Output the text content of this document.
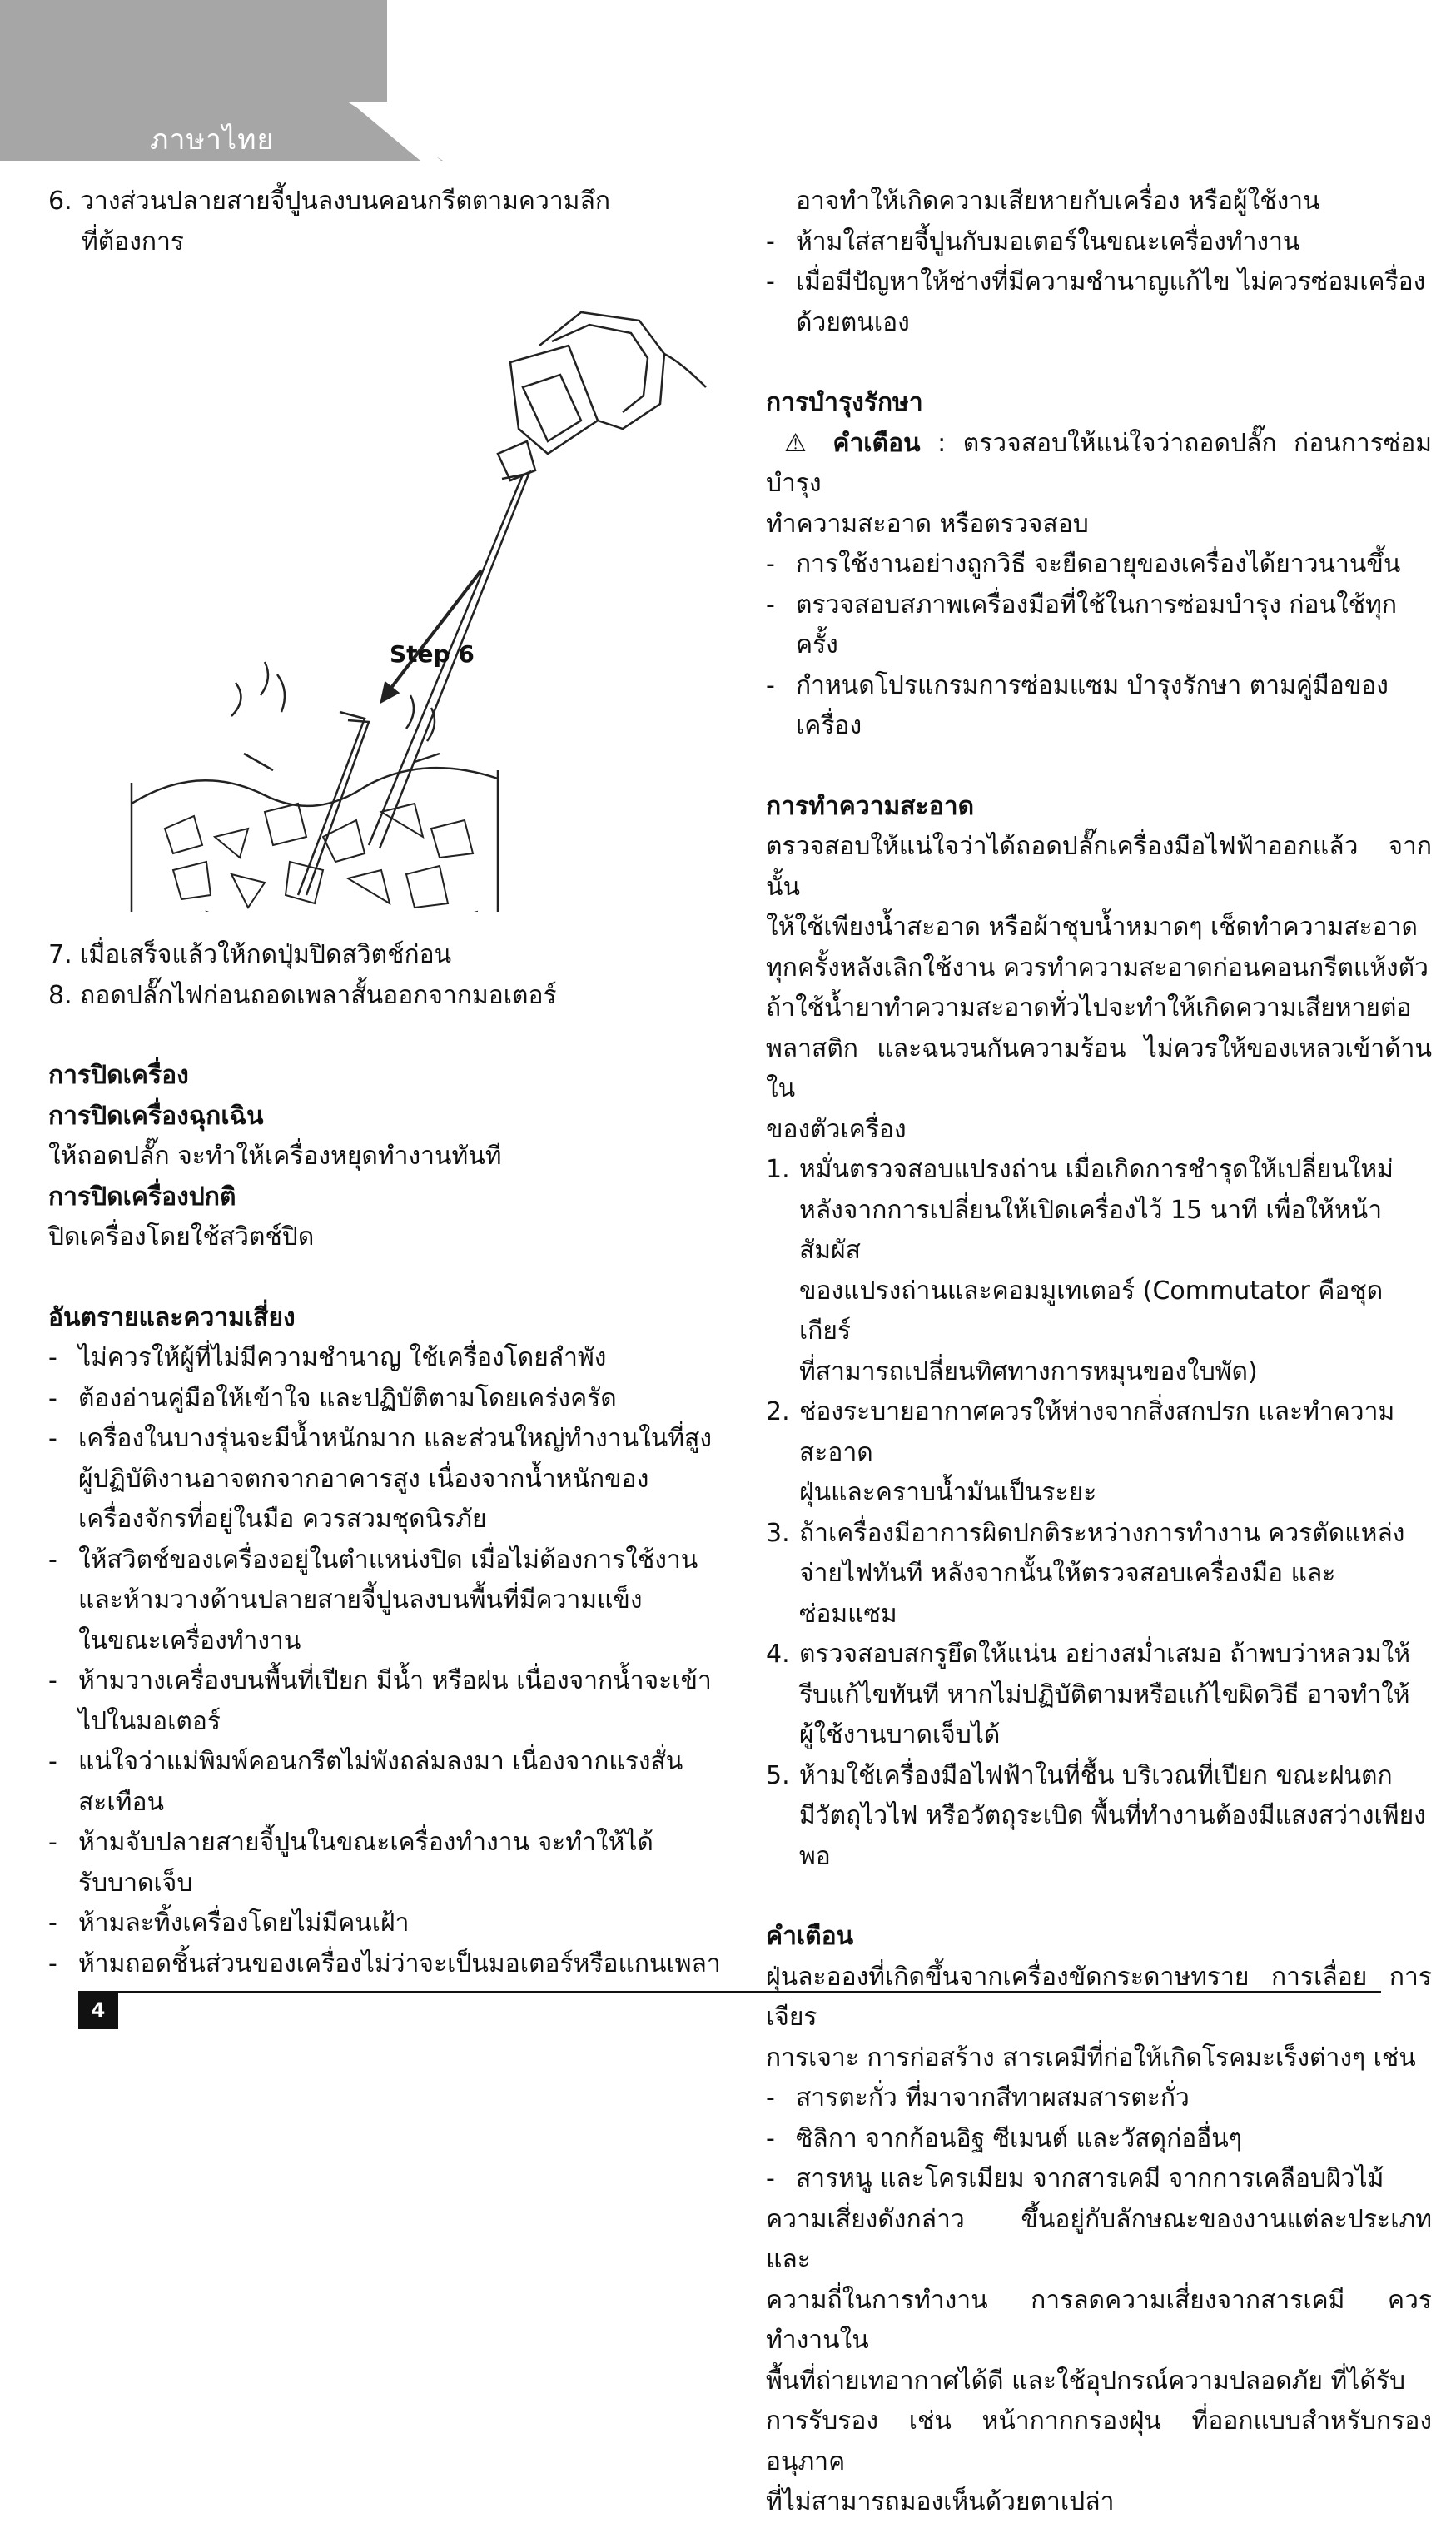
ภาษาไทย

6. วางส่วนปลายสายจี้ปูนลงบนคอนกรีตตามความลึก

ที่ต้องการ

Step 6

7. เมื่อเสร็จแล้วให้กดปุ่มปิดสวิตช์ก่อน

8. ถอดปลั๊กไฟก่อนถอดเพลาสั้นออกจากมอเตอร์

การปิดเครื่อง

การปิดเครื่องฉุกเฉิน

ให้ถอดปลั๊ก จะทำให้เครื่องหยุดทำงานทันที

การปิดเครื่องปกติ

ปิดเครื่องโดยใช้สวิตช์ปิด

อันตรายและความเสี่ยง

- ไม่ควรให้ผู้ที่ไม่มีความชำนาญ ใช้เครื่องโดยลำพัง
- ต้องอ่านคู่มือให้เข้าใจ และปฏิบัติตามโดยเคร่งครัด
- เครื่องในบางรุ่นจะมีน้ำหนักมาก และส่วนใหญ่ทำงานในที่สูง
ผู้ปฏิบัติงานอาจตกจากอาคารสูง เนื่องจากน้ำหนักของ
เครื่องจักรที่อยู่ในมือ ควรสวมชุดนิรภัย
- ให้สวิตช์ของเครื่องอยู่ในตำแหน่งปิด เมื่อไม่ต้องการใช้งาน
และห้ามวางด้านปลายสายจี้ปูนลงบนพื้นที่มีความแข็ง
ในขณะเครื่องทำงาน
- ห้ามวางเครื่องบนพื้นที่เปียก มีน้ำ หรือฝน เนื่องจากน้ำจะเข้า
ไปในมอเตอร์
- แน่ใจว่าแม่พิมพ์คอนกรีตไม่พังถล่มลงมา เนื่องจากแรงสั่น
สะเทือน
- ห้ามจับปลายสายจี้ปูนในขณะเครื่องทำงาน จะทำให้ได้
รับบาดเจ็บ
- ห้ามละทิ้งเครื่องโดยไม่มีคนเฝ้า
- ห้ามถอดชิ้นส่วนของเครื่องไม่ว่าจะเป็นมอเตอร์หรือแกนเพลา

อาจทำให้เกิดความเสียหายกับเครื่อง หรือผู้ใช้งาน

- ห้ามใส่สายจี้ปูนกับมอเตอร์ในขณะเครื่องทำงาน
- เมื่อมีปัญหาให้ช่างที่มีความชำนาญแก้ไข ไม่ควรซ่อมเครื่อง
ด้วยตนเอง

การบำรุงรักษา

⚠ คำเตือน : ตรวจสอบให้แน่ใจว่าถอดปลั๊ก ก่อนการซ่อมบำรุง

ทำความสะอาด หรือตรวจสอบ

- การใช้งานอย่างถูกวิธี จะยืดอายุของเครื่องได้ยาวนานขึ้น
- ตรวจสอบสภาพเครื่องมือที่ใช้ในการซ่อมบำรุง ก่อนใช้ทุกครั้ง
- กำหนดโปรแกรมการซ่อมแซม บำรุงรักษา ตามคู่มือของเครื่อง

การทำความสะอาด

ตรวจสอบให้แน่ใจว่าได้ถอดปลั๊กเครื่องมือไฟฟ้าออกแล้ว จากนั้น

ให้ใช้เพียงน้ำสะอาด หรือผ้าชุบน้ำหมาดๆ เช็ดทำความสะอาด

ทุกครั้งหลังเลิกใช้งาน ควรทำความสะอาดก่อนคอนกรีตแห้งตัว

ถ้าใช้น้ำยาทำความสะอาดทั่วไปจะทำให้เกิดความเสียหายต่อ

พลาสติก และฉนวนกันความร้อน ไม่ควรให้ของเหลวเข้าด้านใน

ของตัวเครื่อง

1. หมั่นตรวจสอบแปรงถ่าน เมื่อเกิดการชำรุดให้เปลี่ยนใหม่
หลังจากการเปลี่ยนให้เปิดเครื่องไว้ 15 นาที เพื่อให้หน้าสัมผัส
ของแปรงถ่านและคอมมูเทเตอร์ (Commutator คือชุดเกียร์
ที่สามารถเปลี่ยนทิศทางการหมุนของใบพัด)
2. ช่องระบายอากาศควรให้ห่างจากสิ่งสกปรก และทำความสะอาด
ฝุ่นและคราบน้ำมันเป็นระยะ
3. ถ้าเครื่องมีอาการผิดปกติระหว่างการทำงาน ควรตัดแหล่ง
จ่ายไฟทันที หลังจากนั้นให้ตรวจสอบเครื่องมือ และซ่อมแซม
4. ตรวจสอบสกรูยึดให้แน่น อย่างสม่ำเสมอ ถ้าพบว่าหลวมให้
รีบแก้ไขทันที หากไม่ปฏิบัติตามหรือแก้ไขผิดวิธี อาจทำให้
ผู้ใช้งานบาดเจ็บได้
5. ห้ามใช้เครื่องมือไฟฟ้าในที่ชื้น บริเวณที่เปียก ขณะฝนตก
มีวัตถุไวไฟ หรือวัตถุระเบิด พื้นที่ทำงานต้องมีแสงสว่างเพียงพอ

คำเตือน

ฝุ่นละอองที่เกิดขึ้นจากเครื่องขัดกระดาษทราย การเลื่อย การเจียร

การเจาะ การก่อสร้าง สารเคมีที่ก่อให้เกิดโรคมะเร็งต่างๆ เช่น

- สารตะกั่ว ที่มาจากสีทาผสมสารตะกั่ว
- ซิลิกา จากก้อนอิฐ ซีเมนต์ และวัสดุก่ออื่นๆ
- สารหนู และโครเมียม จากสารเคมี จากการเคลือบผิวไม้

ความเสี่ยงดังกล่าว ขึ้นอยู่กับลักษณะของงานแต่ละประเภท และ

ความถี่ในการทำงาน การลดความเสี่ยงจากสารเคมี ควรทำงานใน

พื้นที่ถ่ายเทอากาศได้ดี และใช้อุปกรณ์ความปลอดภัย ที่ได้รับ

การรับรอง เช่น หน้ากากกรองฝุ่น ที่ออกแบบสำหรับกรองอนุภาค

ที่ไม่สามารถมองเห็นด้วยตาเปล่า

4
